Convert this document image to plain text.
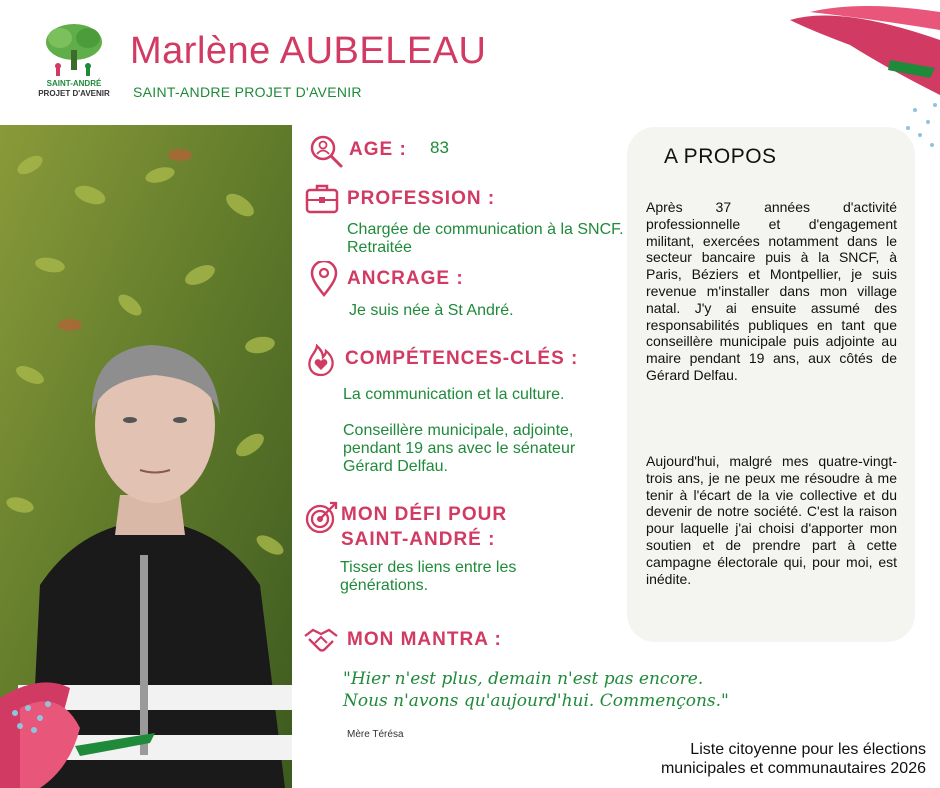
SAINT-ANDRÉ
PROJET D'AVENIR
Marlène AUBELEAU
SAINT-ANDRE PROJET D'AVENIR
AGE : 83
PROFESSION :
Chargée de communication à la SNCF. Retraitée
ANCRAGE :
Je suis née à St André.
COMPÉTENCES-CLÉS :
La communication et la culture.
Conseillère municipale, adjointe, pendant 19 ans avec le sénateur Gérard Delfau.
MON DÉFI POUR
SAINT-ANDRÉ :
Tisser des liens entre les générations.
MON MANTRA :
"Hier n'est plus, demain n'est pas encore.
Nous n'avons qu'aujourd'hui. Commençons."
Mère Térésa
A PROPOS
Après 37 années d'activité professionnelle et d'engagement militant, exercées notamment dans le secteur bancaire puis à la SNCF, à Paris, Béziers et Montpellier, je suis revenue m'installer dans mon village natal. J'y ai ensuite assumé des responsabilités publiques en tant que conseillère municipale puis adjointe au maire pendant 19 ans, aux côtés de Gérard Delfau.
Aujourd'hui, malgré mes quatre-vingt-trois ans, je ne peux me résoudre à me tenir à l'écart de la vie collective et du devenir de notre société. C'est la raison pour laquelle j'ai choisi d'apporter mon soutien et de prendre part à cette campagne électorale qui, pour moi, est inédite.
Liste citoyenne pour les élections
municipales et communautaires 2026
